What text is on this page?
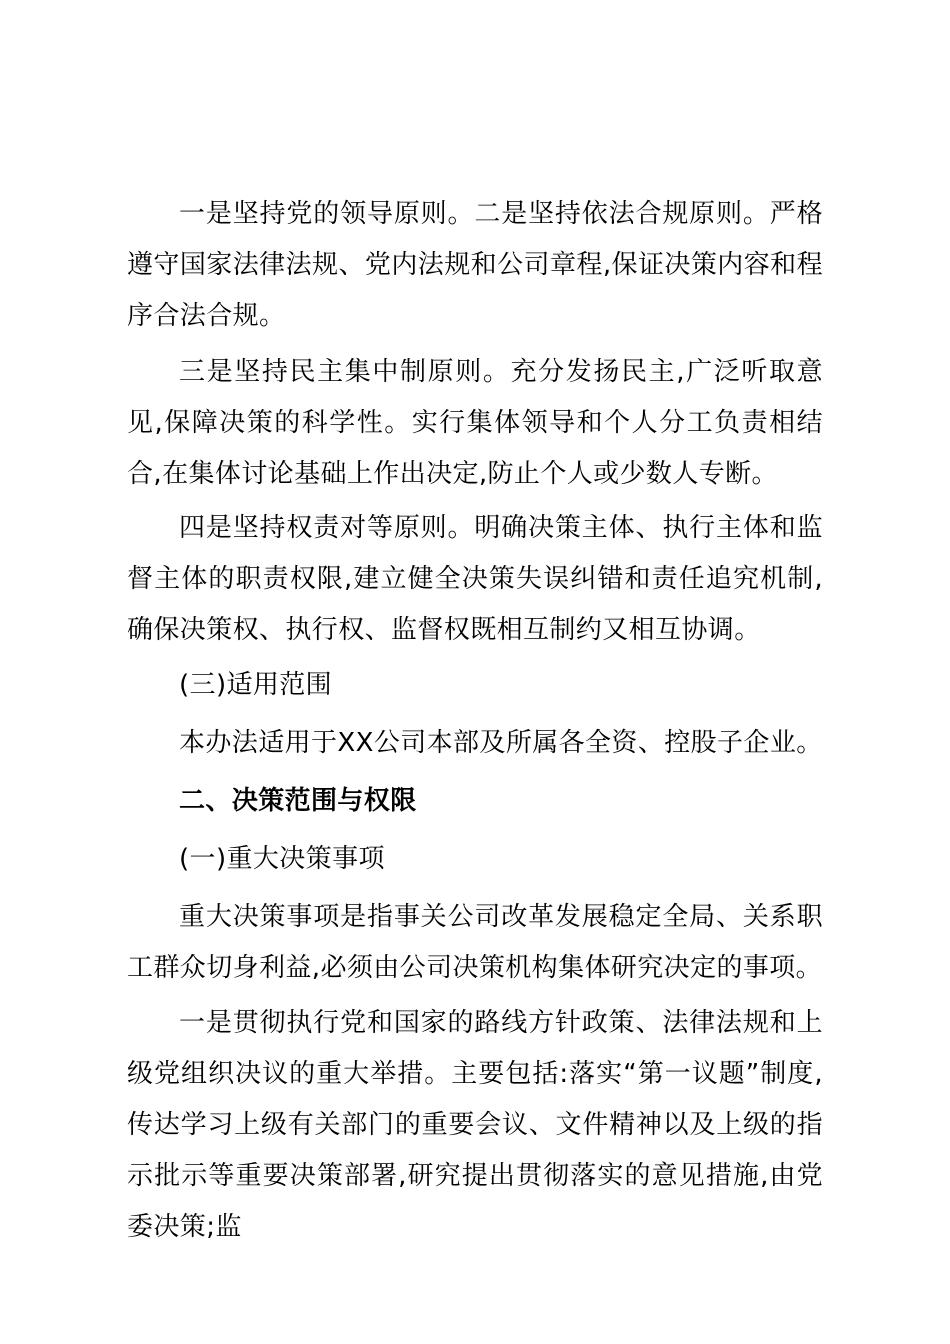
一是坚持党的领导原则。二是坚持依法合规原则。严格遵守国家法律法规、党内法规和公司章程,保证决策内容和程序合法合规。

三是坚持民主集中制原则。充分发扬民主,广泛听取意见,保障决策的科学性。实行集体领导和个人分工负责相结合,在集体讨论基础上作出决定,防止个人或少数人专断。

四是坚持权责对等原则。明确决策主体、执行主体和监督主体的职责权限,建立健全决策失误纠错和责任追究机制,确保决策权、执行权、监督权既相互制约又相互协调。

(三)适用范围

本办法适用于XX公司本部及所属各全资、控股子企业。

二、决策范围与权限

(一)重大决策事项

重大决策事项是指事关公司改革发展稳定全局、关系职工群众切身利益,必须由公司决策机构集体研究决定的事项。

一是贯彻执行党和国家的路线方针政策、法律法规和上级党组织决议的重大举措。主要包括:落实“第一议题”制度,传达学习上级有关部门的重要会议、文件精神以及上级的指示批示等重要决策部署,研究提出贯彻落实的意见措施,由党委决策;监
